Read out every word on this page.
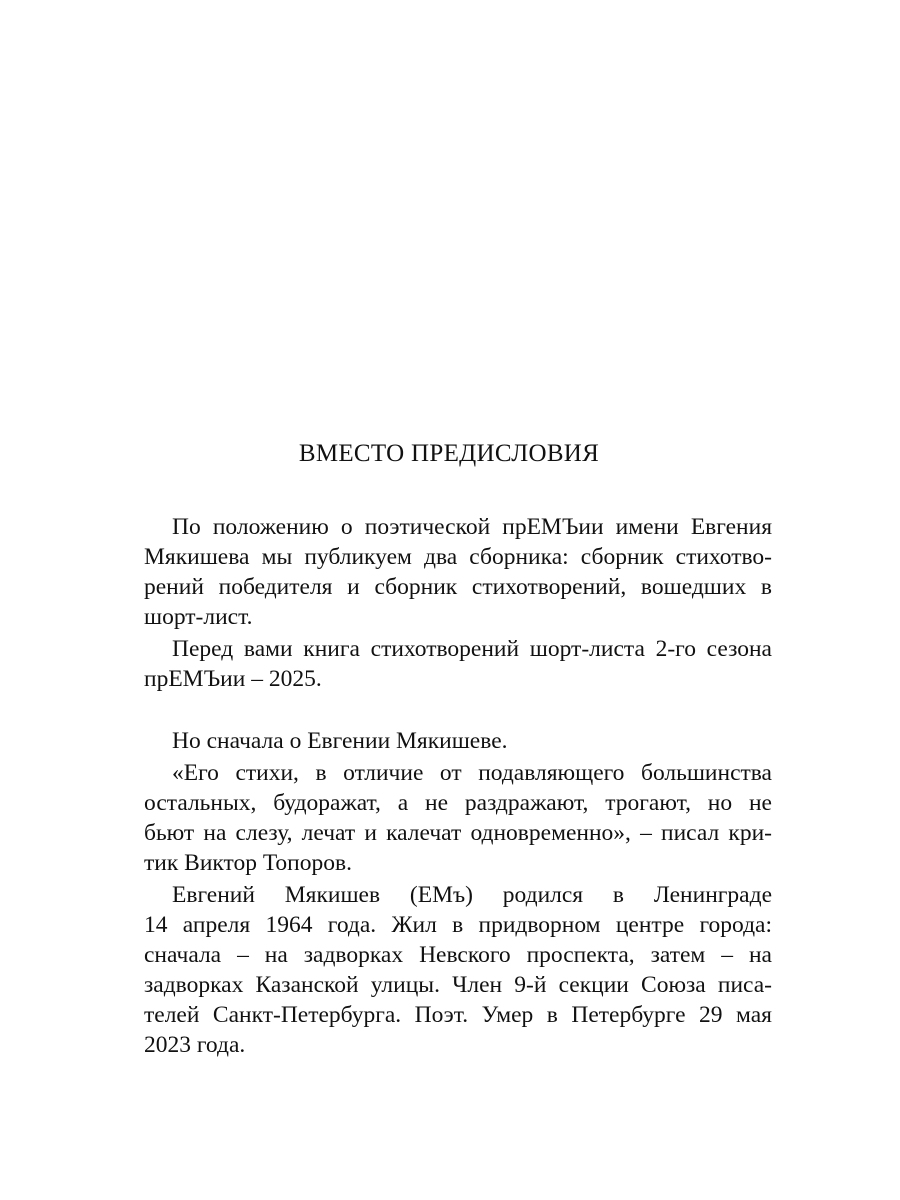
ВМЕСТО ПРЕДИСЛОВИЯ
По положению о поэтической прЕМЪии имени Евгения
Мякишева мы публикуем два сборника: сборник стихотво-
рений победителя и сборник стихотворений, вошедших в
шорт-лист.
Перед вами книга стихотворений шорт-листа 2-го сезона
прЕМЪии – 2025.
Но сначала о Евгении Мякишеве.
«Его стихи, в отличие от подавляющего большинства
остальных, будоражат, а не раздражают, трогают, но не
бьют на слезу, лечат и калечат одновременно», – писал кри-
тик Виктор Топоров.
Евгений Мякишев (ЕМъ) родился в Ленинграде
14 апреля 1964 года. Жил в придворном центре города:
сначала – на задворках Невского проспекта, затем – на
задворках Казанской улицы. Член 9-й секции Союза писа-
телей Санкт-Петербурга. Поэт. Умер в Петербурге 29 мая
2023 года.
